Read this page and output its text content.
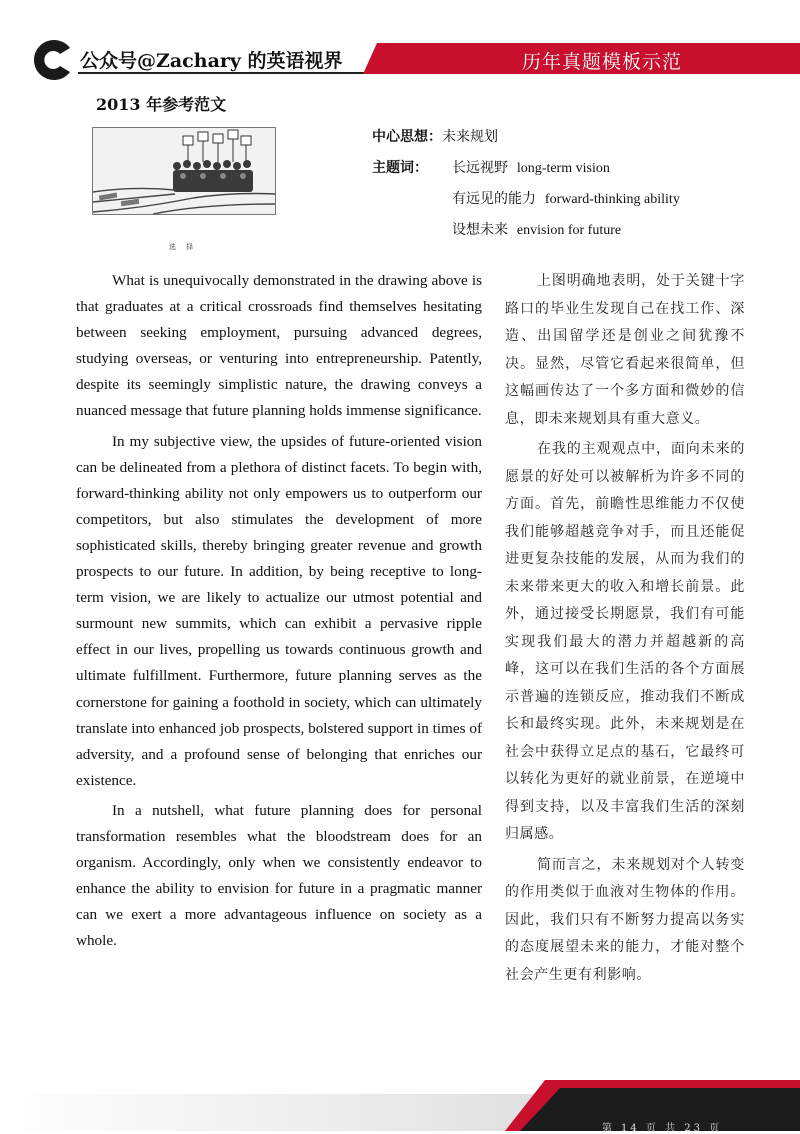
公众号@Zachary 的英语视界	历年真题模板示范
2013 年参考范文
选 择
中心思想：未来规划
主题词： 长远视野 long-term vision
有远见的能力 forward-thinking ability
设想未来 envision for future

What is unequivocally demonstrated in the drawing above is that graduates at a critical crossroads find themselves hesitating between seeking employment, pursuing advanced degrees, studying overseas, or venturing into entrepreneurship. Patently, despite its seemingly simplistic nature, the drawing conveys a nuanced message that future planning holds immense significance.

In my subjective view, the upsides of future-oriented vision can be delineated from a plethora of distinct facets. To begin with, forward-thinking ability not only empowers us to outperform our competitors, but also stimulates the development of more sophisticated skills, thereby bringing greater revenue and growth prospects to our future. In addition, by being receptive to long-term vision, we are likely to actualize our utmost potential and surmount new summits, which can exhibit a pervasive ripple effect in our lives, propelling us towards continuous growth and ultimate fulfillment. Furthermore, future planning serves as the cornerstone for gaining a foothold in society, which can ultimately translate into enhanced job prospects, bolstered support in times of adversity, and a profound sense of belonging that enriches our existence.

In a nutshell, what future planning does for personal transformation resembles what the bloodstream does for an organism. Accordingly, only when we consistently endeavor to enhance the ability to envision for future in a pragmatic manner can we exert a more advantageous influence on society as a whole.

上图明确地表明，处于关键十字路口的毕业生发现自己在找工作、深造、出国留学还是创业之间犹豫不决。显然，尽管它看起来很简单，但这幅画传达了一个多方面和微妙的信息，即未来规划具有重大意义。

在我的主观观点中，面向未来的愿景的好处可以被解析为许多不同的方面。首先，前瞻性思维能力不仅使我们能够超越竞争对手，而且还能促进更复杂技能的发展，从而为我们的未来带来更大的收入和增长前景。此外，通过接受长期愿景，我们有可能实现我们最大的潜力并超越新的高峰，这可以在我们生活的各个方面展示普遍的连锁反应，推动我们不断成长和最终实现。此外，未来规划是在社会中获得立足点的基石，它最终可以转化为更好的就业前景，在逆境中得到支持，以及丰富我们生活的深刻归属感。

简而言之，未来规划对个人转变的作用类似于血液对生物体的作用。因此，我们只有不断努力提高以务实的态度展望未来的能力，才能对整个社会产生更有利影响。

第 14 页 共 23 页
